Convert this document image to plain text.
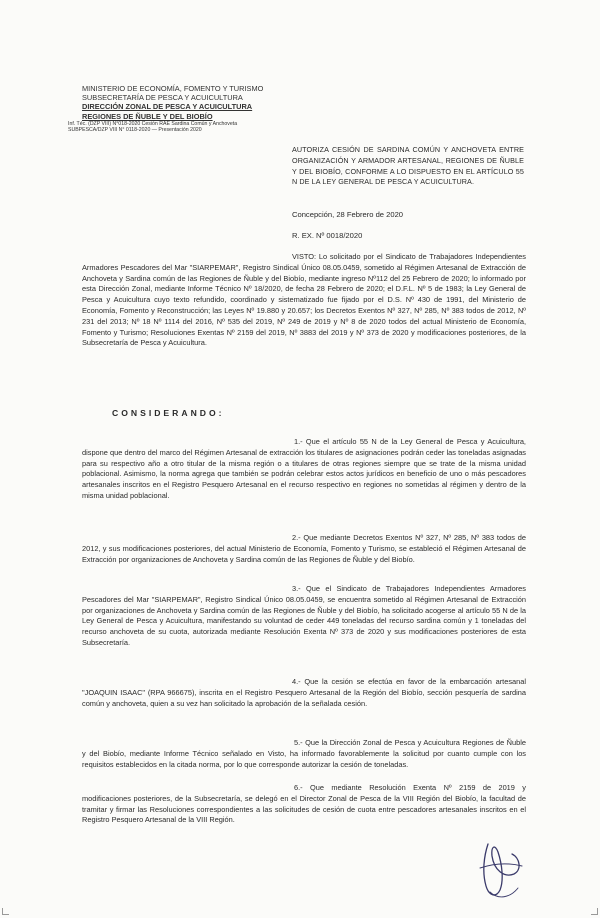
MINISTERIO DE ECONOMÍA, FOMENTO Y TURISMO
SUBSECRETARÍA DE PESCA Y ACUICULTURA
DIRECCIÓN ZONAL DE PESCA Y ACUICULTURA
REGIONES DE ÑUBLE Y DEL BIOBÍO
Inf. Téc. (DZP VIII) N°018-2020 Cesión RAE Sardina Común y Anchoveta
SUBPESCA/DZP VIII N° 0118-2020 — Presentación 2020
AUTORIZA CESIÓN DE SARDINA COMÚN Y ANCHOVETA ENTRE ORGANIZACIÓN Y ARMADOR ARTESANAL, REGIONES DE ÑUBLE Y DEL BIOBÍO, CONFORME A LO DISPUESTO EN EL ARTÍCULO 55 N DE LA LEY GENERAL DE PESCA Y ACUICULTURA.
Concepción, 28 Febrero de 2020
R. EX. Nº 0018/2020
VISTO: Lo solicitado por el Sindicato de Trabajadores Independientes Armadores Pescadores del Mar "SIARPEMAR", Registro Sindical Único 08.05.0459, sometido al Régimen Artesanal de Extracción de Anchoveta y Sardina común de las Regiones de Ñuble y del Biobío, mediante ingreso Nº112 del 25 Febrero de 2020; lo informado por esta Dirección Zonal, mediante Informe Técnico Nº 18/2020, de fecha 28 Febrero de 2020; el D.F.L. Nº 5 de 1983; la Ley General de Pesca y Acuicultura cuyo texto refundido, coordinado y sistematizado fue fijado por el D.S. Nº 430 de 1991, del Ministerio de Economía, Fomento y Reconstrucción; las Leyes Nº 19.880 y 20.657; los Decretos Exentos Nº 327, Nº 285, Nº 383 todos de 2012, Nº 231 del 2013; Nº 18 Nº 1114 del 2016, Nº 535 del 2019, Nº 249 de 2019 y Nº 8 de 2020 todos del actual Ministerio de Economía, Fomento y Turismo; Resoluciones Exentas Nº 2159 del 2019, Nº 3883 del 2019 y Nº 373 de 2020 y modificaciones posteriores, de la Subsecretaría de Pesca y Acuicultura.
CONSIDERANDO:
1.- Que el artículo 55 N de la Ley General de Pesca y Acuicultura, dispone que dentro del marco del Régimen Artesanal de extracción los titulares de asignaciones podrán ceder las toneladas asignadas para su respectivo año a otro titular de la misma región o a titulares de otras regiones siempre que se trate de la misma unidad poblacional. Asimismo, la norma agrega que también se podrán celebrar estos actos jurídicos en beneficio de uno o más pescadores artesanales inscritos en el Registro Pesquero Artesanal en el recurso respectivo en regiones no sometidas al régimen y dentro de la misma unidad poblacional.
2.- Que mediante Decretos Exentos Nº 327, Nº 285, Nº 383 todos de 2012, y sus modificaciones posteriores, del actual Ministerio de Economía, Fomento y Turismo, se estableció el Régimen Artesanal de Extracción por organizaciones de Anchoveta y Sardina común de las Regiones de Ñuble y del Biobío.
3.- Que el Sindicato de Trabajadores Independientes Armadores Pescadores del Mar "SIARPEMAR", Registro Sindical Único 08.05.0459, se encuentra sometido al Régimen Artesanal de Extracción por organizaciones de Anchoveta y Sardina común de las Regiones de Ñuble y del Biobío, ha solicitado acogerse al artículo 55 N de la Ley General de Pesca y Acuicultura, manifestando su voluntad de ceder 449 toneladas del recurso sardina común y 1 toneladas del recurso anchoveta de su cuota, autorizada mediante Resolución Exenta Nº 373 de 2020 y sus modificaciones posteriores de esta Subsecretaría.
4.- Que la cesión se efectúa en favor de la embarcación artesanal "JOAQUIN ISAAC" (RPA 966675), inscrita en el Registro Pesquero Artesanal de la Región del Biobío, sección pesquería de sardina común y anchoveta, quien a su vez han solicitado la aprobación de la señalada cesión.
5.- Que la Dirección Zonal de Pesca y Acuicultura Regiones de Ñuble y del Biobío, mediante Informe Técnico señalado en Visto, ha informado favorablemente la solicitud por cuanto cumple con los requisitos establecidos en la citada norma, por lo que corresponde autorizar la cesión de toneladas.
6.- Que mediante Resolución Exenta Nº 2159 de 2019 y modificaciones posteriores, de la Subsecretaría, se delegó en el Director Zonal de Pesca de la VIII Región del Biobío, la facultad de tramitar y firmar las Resoluciones correspondientes a las solicitudes de cesión de cuota entre pescadores artesanales inscritos en el Registro Pesquero Artesanal de la VIII Región.
